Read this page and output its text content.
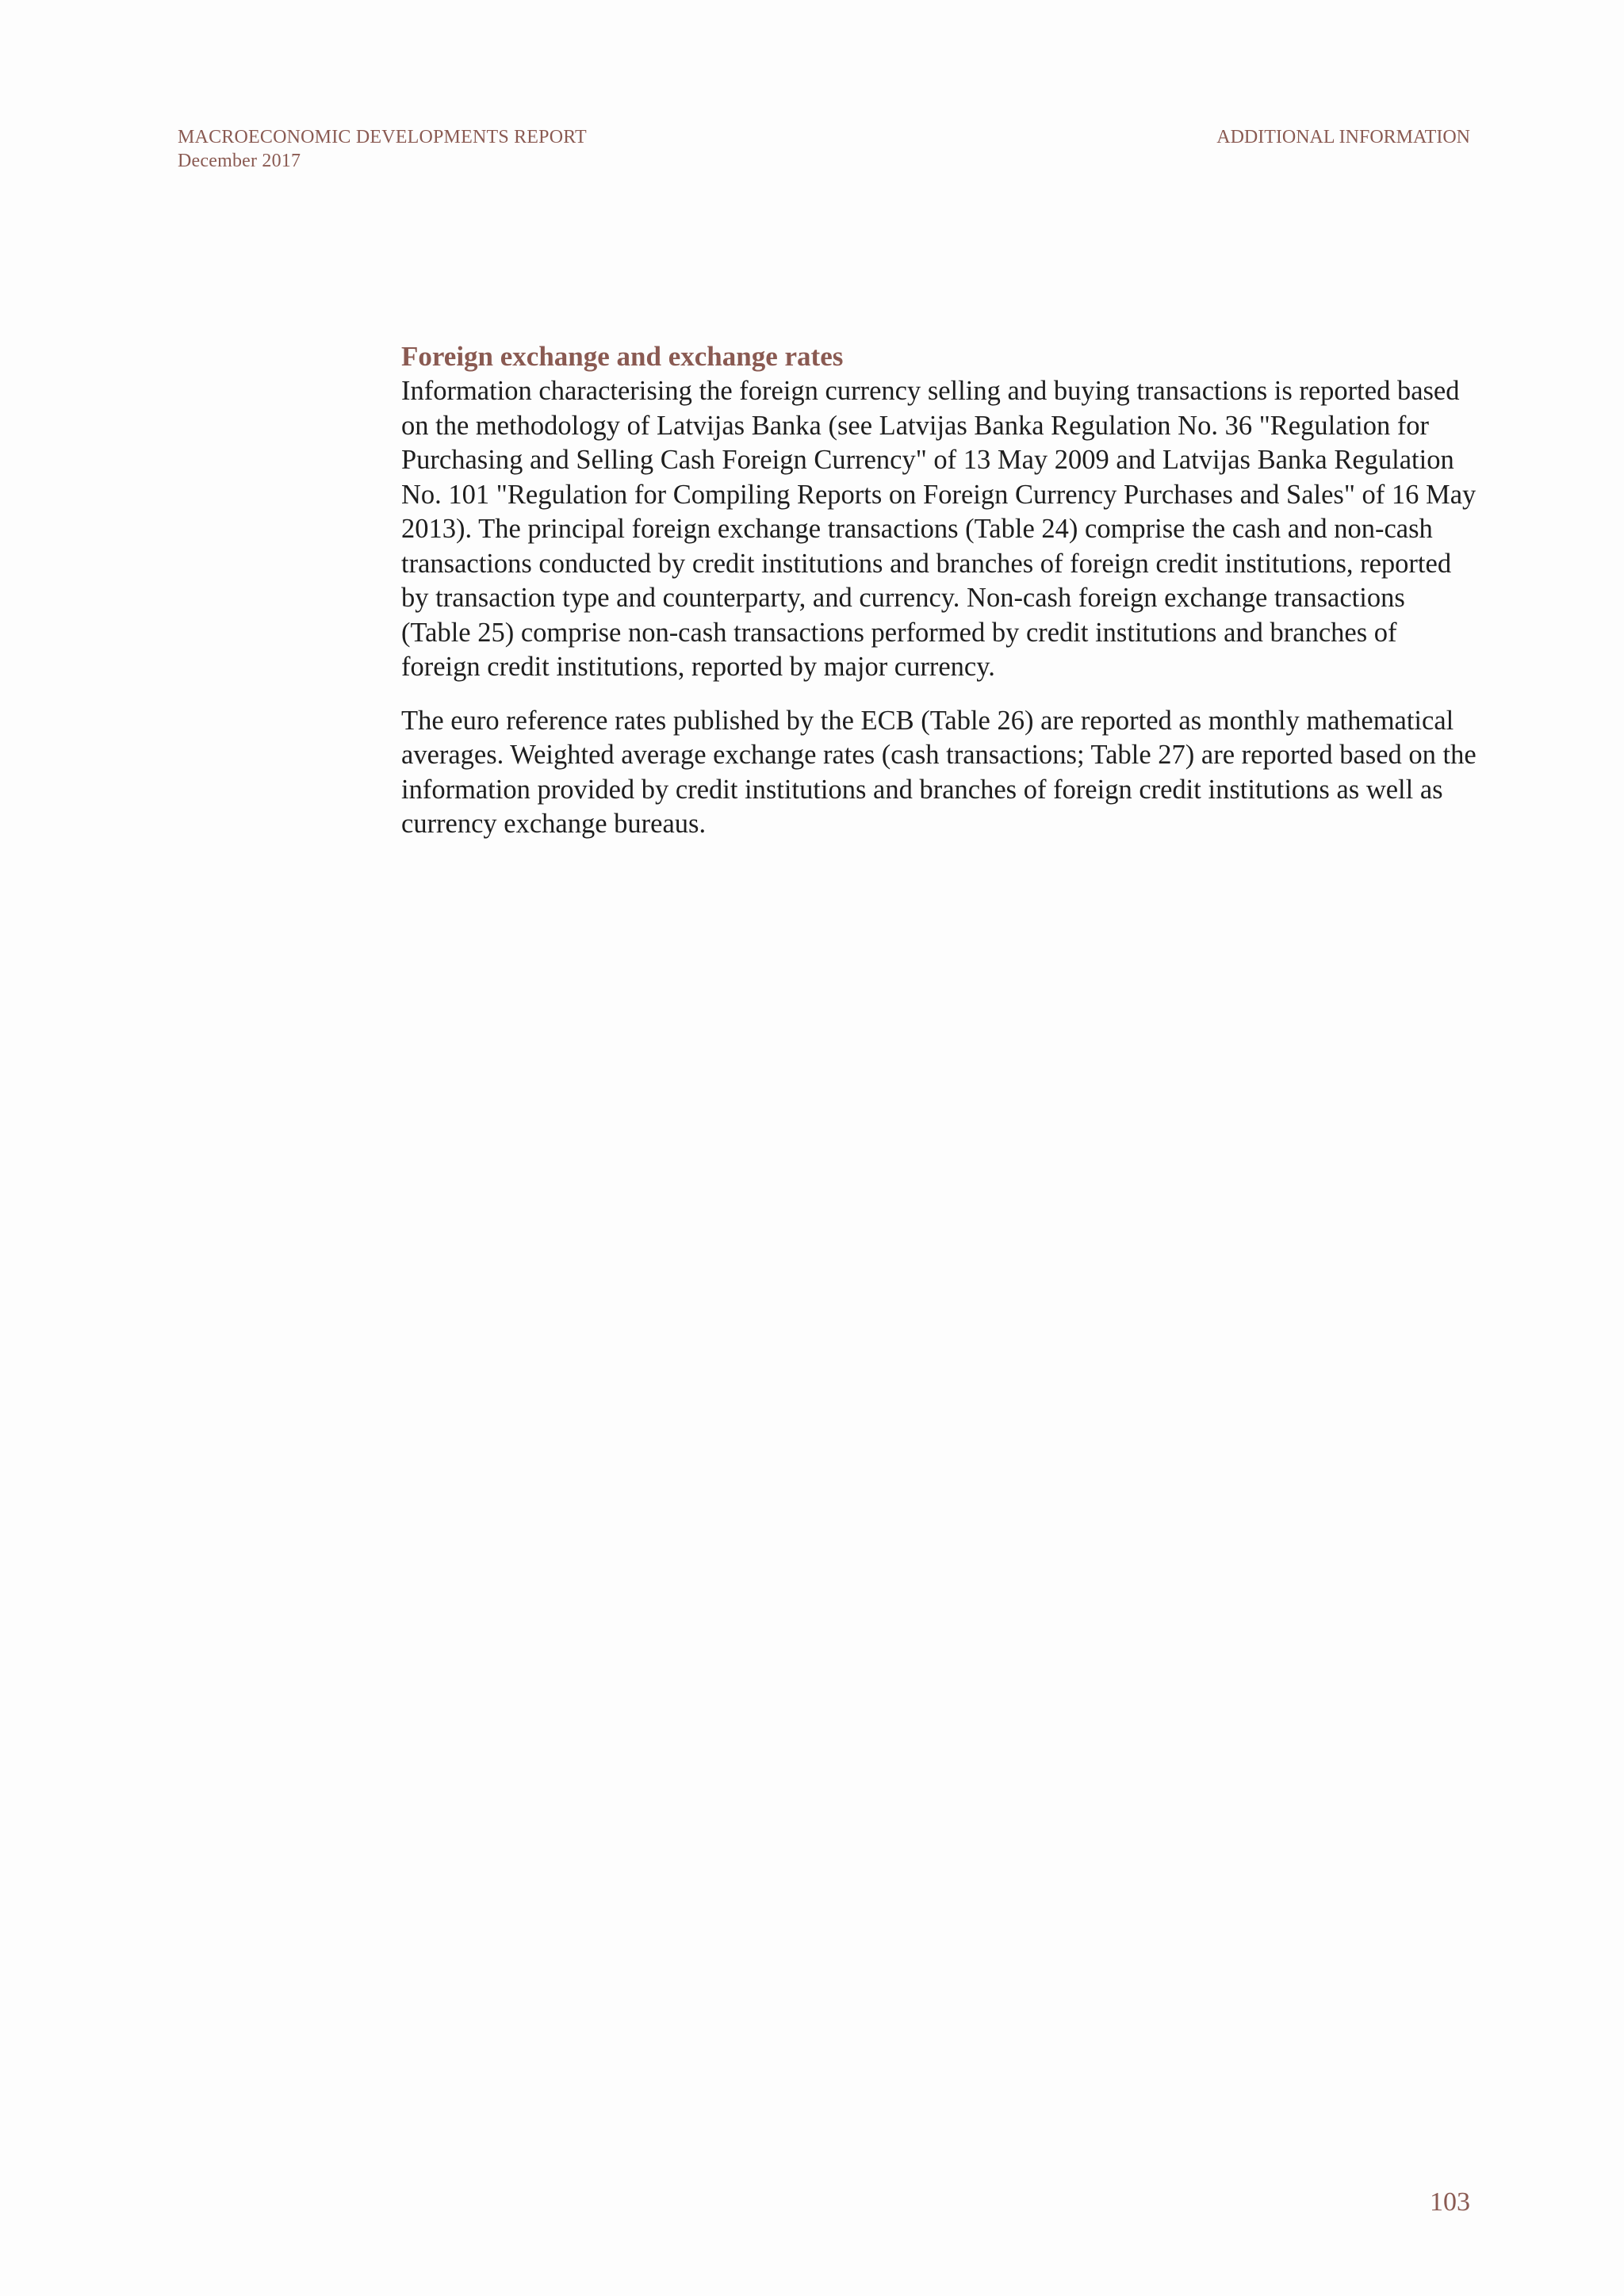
MACROECONOMIC DEVELOPMENTS REPORT
December 2017
ADDITIONAL INFORMATION
Foreign exchange and exchange rates

Information characterising the foreign currency selling and buying transactions is reported based on the methodology of Latvijas Banka (see Latvijas Banka Regulation No. 36 "Regulation for Purchasing and Selling Cash Foreign Currency" of 13 May 2009 and Latvijas Banka Regulation No. 101 "Regulation for Compiling Reports on Foreign Currency Purchases and Sales" of 16 May 2013). The principal foreign exchange transactions (Table 24) comprise the cash and non-cash transactions conducted by credit institutions and branches of foreign credit institutions, reported by transaction type and counterparty, and currency. Non-cash foreign exchange transactions (Table 25) comprise non-cash transactions performed by credit institutions and branches of foreign credit institutions, reported by major currency.

The euro reference rates published by the ECB (Table 26) are reported as monthly mathematical averages. Weighted average exchange rates (cash transactions; Table 27) are reported based on the information provided by credit institutions and branches of foreign credit institutions as well as currency exchange bureaus.

103
